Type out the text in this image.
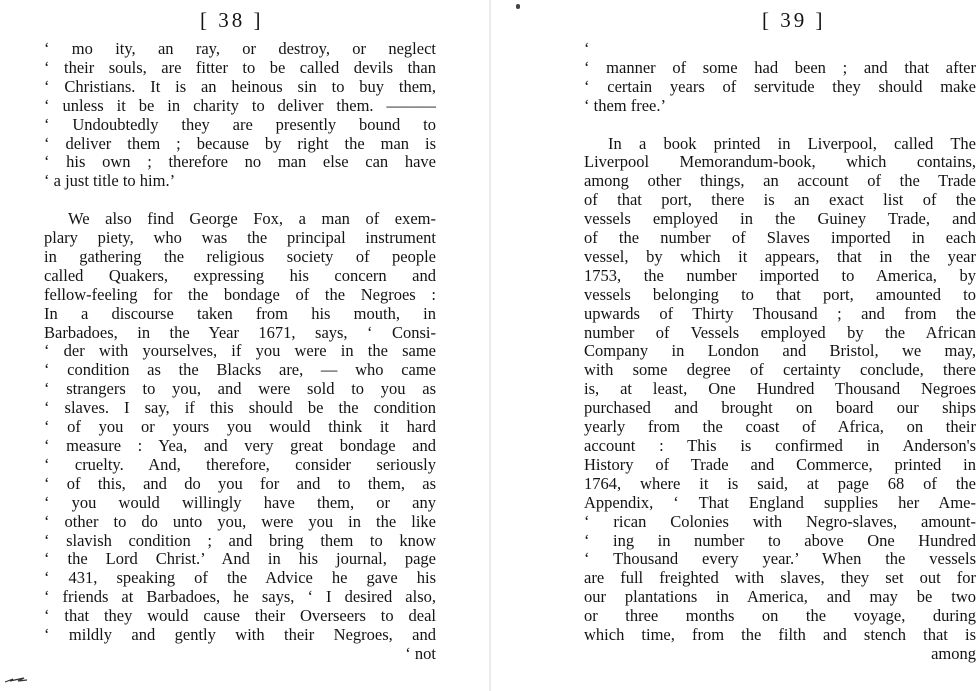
[ 38 ]
‘ mo ity, an ray, or destroy, or neglect
‘ their souls, are fitter to be called devils than
‘ Christians. It is an heinous sin to buy them,
‘ unless it be in charity to deliver them. ———
‘ Undoubtedly they are presently bound to
‘ deliver them ; because by right the man is
‘ his own ; therefore no man else can have
‘ a just title to him.’
We also find George Fox, a man of exem-
plary piety, who was the principal instrument
in gathering the religious society of people
called Quakers, expressing his concern and
fellow-feeling for the bondage of the Negroes :
In a discourse taken from his mouth, in
Barbadoes, in the Year 1671, says, ‘ Consi-
‘ der with yourselves, if you were in the same
‘ condition as the Blacks are, — who came
‘ strangers to you, and were sold to you as
‘ slaves. I say, if this should be the condition
‘ of you or yours you would think it hard
‘ measure : Yea, and very great bondage and
‘ cruelty. And, therefore, consider seriously
‘ of this, and do you for and to them, as
‘ you would willingly have them, or any
‘ other to do unto you, were you in the like
‘ slavish condition ; and bring them to know
‘ the Lord Christ.’ And in his journal, page
‘ 431, speaking of the Advice he gave his
‘ friends at Barbadoes, he says, ‘ I desired also,
‘ that they would cause their Overseers to deal
‘ mildly and gently with their Negroes, and
‘ not
[ 39 ]
‘
‘ manner of some had been ; and that after
‘ certain years of servitude they should make
‘ them free.’
In a book printed in Liverpool, called The
Liverpool Memorandum-book, which contains,
among other things, an account of the Trade
of that port, there is an exact list of the
vessels employed in the Guiney Trade, and
of the number of Slaves imported in each
vessel, by which it appears, that in the year
1753, the number imported to America, by
vessels belonging to that port, amounted to
upwards of Thirty Thousand ; and from the
number of Vessels employed by the African
Company in London and Bristol, we may,
with some degree of certainty conclude, there
is, at least, One Hundred Thousand Negroes
purchased and brought on board our ships
yearly from the coast of Africa, on their
account : This is confirmed in Anderson's
History of Trade and Commerce, printed in
1764, where it is said, at page 68 of the
Appendix, ‘ That England supplies her Ame-
‘ rican Colonies with Negro-slaves, amount-
‘ ing in number to above One Hundred
‘ Thousand every year.’ When the vessels
are full freighted with slaves, they set out for
our plantations in America, and may be two
or three months on the voyage, during
which time, from the filth and stench that is
among
